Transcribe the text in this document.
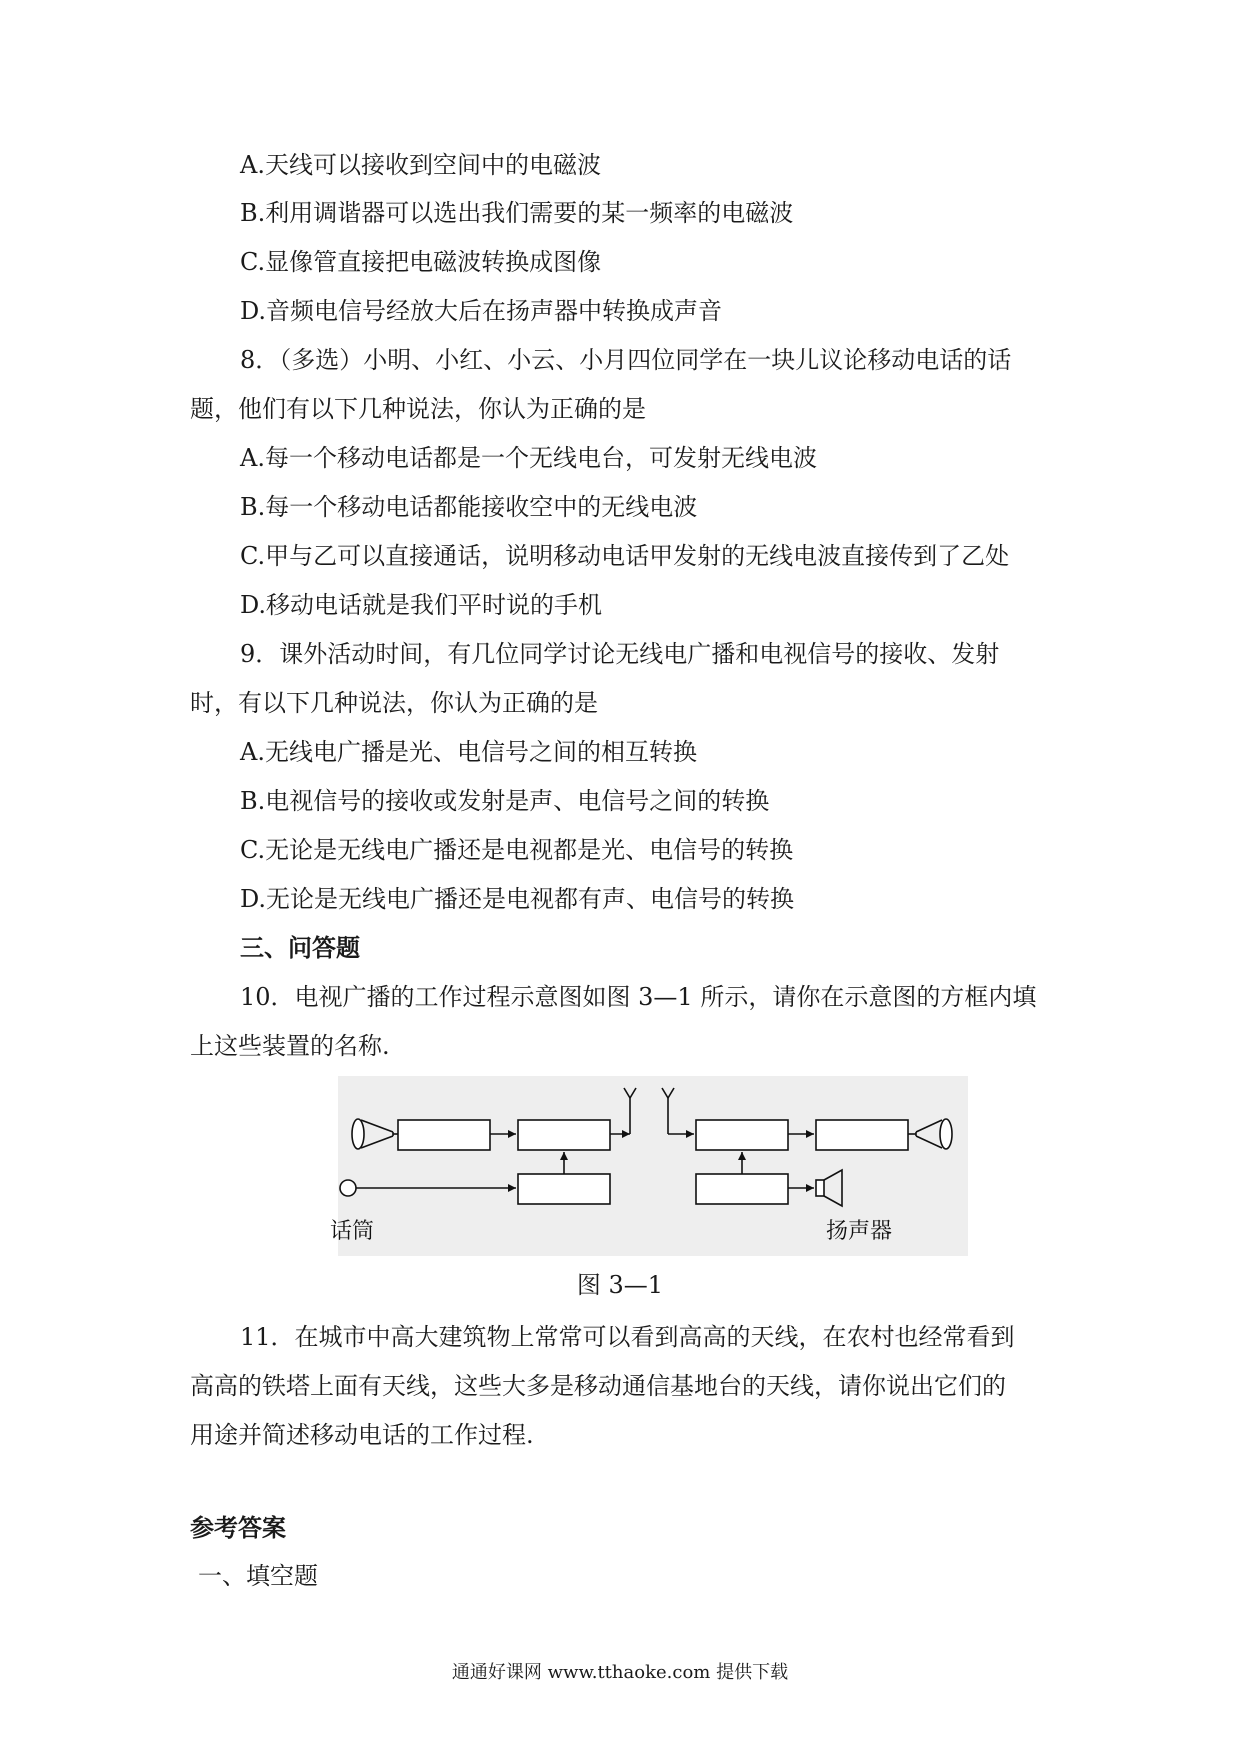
A.天线可以接收到空间中的电磁波
B.利用调谐器可以选出我们需要的某一频率的电磁波
C.显像管直接把电磁波转换成图像
D.音频电信号经放大后在扬声器中转换成声音
8．（多选）小明、小红、小云、小月四位同学在一块儿议论移动电话的话
题，他们有以下几种说法，你认为正确的是
A.每一个移动电话都是一个无线电台，可发射无线电波
B.每一个移动电话都能接收空中的无线电波
C.甲与乙可以直接通话，说明移动电话甲发射的无线电波直接传到了乙处
D.移动电话就是我们平时说的手机
9．课外活动时间，有几位同学讨论无线电广播和电视信号的接收、发射
时，有以下几种说法，你认为正确的是
A.无线电广播是光、电信号之间的相互转换
B.电视信号的接收或发射是声、电信号之间的转换
C.无论是无线电广播还是电视都是光、电信号的转换
D.无论是无线电广播还是电视都有声、电信号的转换
三、问答题
10．电视广播的工作过程示意图如图 3—1 所示，请你在示意图的方框内填
上这些装置的名称.
话筒	扬声器
图 3—1
11．在城市中高大建筑物上常常可以看到高高的天线，在农村也经常看到
高高的铁塔上面有天线，这些大多是移动通信基地台的天线，请你说出它们的
用途并简述移动电话的工作过程.
参考答案
一、填空题
通通好课网 www.tthaoke.com 提供下载
